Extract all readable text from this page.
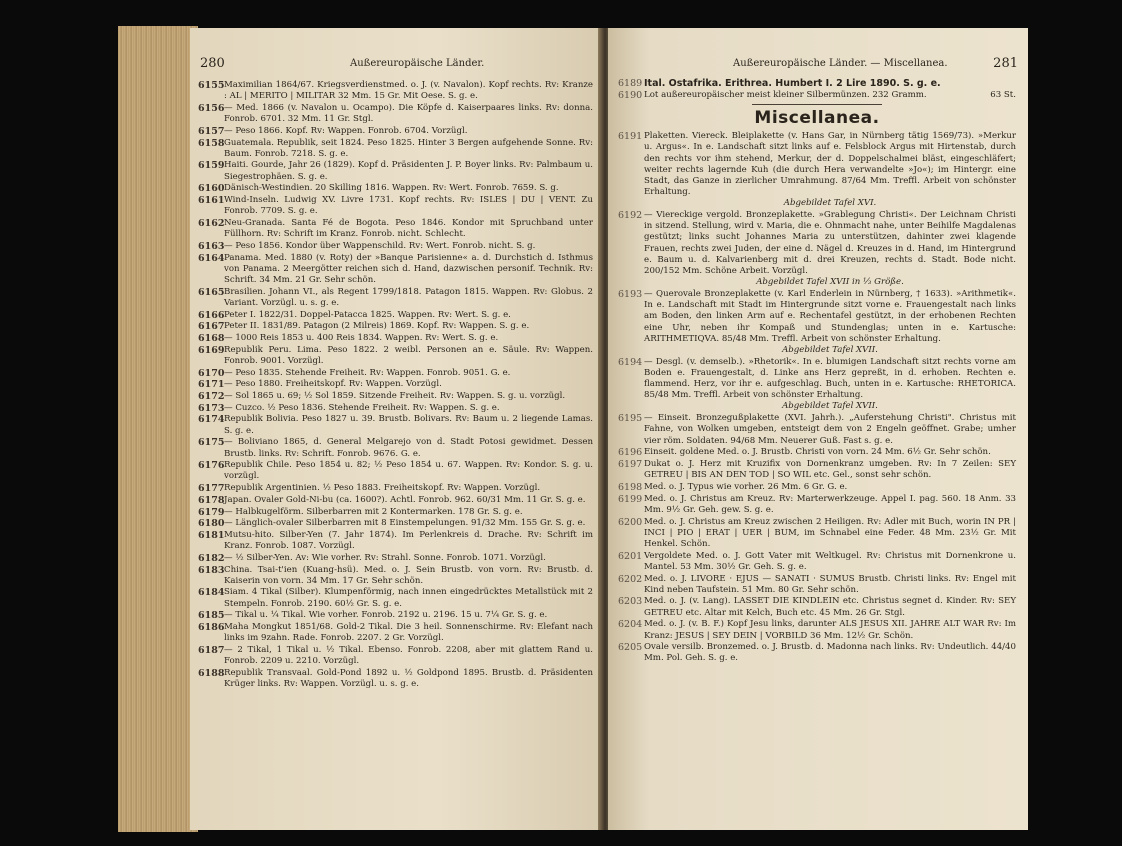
280	Außereuropäische Länder.
6155 Maximilian 1864/67. Kriegsverdienstmed. o. J. (v. Navalon). Kopf rechts. Rv: Kranze : AL | MERITO | MILITAR 32 Mm. 15 Gr. Mit Oese. S. g. e.
6156 — Med. 1866 (v. Navalon u. Ocampo). Die Köpfe d. Kaiserpaares links. Rv: donna. Fonrob. 6701. 32 Mm. 11 Gr. Stgl.
6157 — Peso 1866. Kopf. Rv: Wappen. Fonrob. 6704. Vorzügl.
6158 Guatemala. Republik, seit 1824. Peso 1825. Hinter 3 Bergen aufgehende Sonne. Rv: Baum. Fonrob. 7218. S. g. e.
6159 Haiti. Gourde, Jahr 26 (1829). Kopf d. Präsidenten J. P. Boyer links. Rv: Palmbaum u. Siegestrophäen. S. g. e.
6160 Dänisch-Westindien. 20 Skilling 1816. Wappen. Rv: Wert. Fonrob. 7659. S. g.
6161 Wind-Inseln. Ludwig XV. Livre 1731. Kopf rechts. Rv: ISLES | DU | VENT. Zu Fonrob. 7709. S. g. e.
6162 Neu-Granada. Santa Fé de Bogota. Peso 1846. Kondor mit Spruchband unter Füllhorn. Rv: Schrift im Kranz. Fonrob. nicht. Schlecht.
6163 — Peso 1856. Kondor über Wappenschild. Rv: Wert. Fonrob. nicht. S. g.
6164 Panama. Med. 1880 (v. Roty) der »Banque Parisienne« a. d. Durchstich d. Isthmus von Panama. 2 Meergötter reichen sich d. Hand, dazwischen personif. Technik. Rv: Schrift. 34 Mm. 21 Gr. Sehr schön.
6165 Brasilien. Johann VI., als Regent 1799/1818. Patagon 1815. Wappen. Rv: Globus. 2 Variant. Vorzügl. u. s. g. e.
6166 Peter I. 1822/31. Doppel-Patacca 1825. Wappen. Rv: Wert. S. g. e.
6167 Peter II. 1831/89. Patagon (2 Milreis) 1869. Kopf. Rv: Wappen. S. g. e.
6168 — 1000 Reis 1853 u. 400 Reis 1834. Wappen. Rv: Wert. S. g. e.
6169 Republik Peru. Lima. Peso 1822. 2 weibl. Personen an e. Säule. Rv: Wappen. Fonrob. 9001. Vorzügl.
6170 — Peso 1835. Stehende Freiheit. Rv: Wappen. Fonrob. 9051. G. e.
6171 — Peso 1880. Freiheitskopf. Rv: Wappen. Vorzügl.
6172 — Sol 1865 u. 69; ½ Sol 1859. Sitzende Freiheit. Rv: Wappen. S. g. u. vorzügl.
6173 — Cuzco. ½ Peso 1836. Stehende Freiheit. Rv: Wappen. S. g. e.
6174 Republik Bolivia. Peso 1827 u. 39. Brustb. Bolivars. Rv: Baum u. 2 liegende Lamas. S. g. e.
6175 — Boliviano 1865, d. General Melgarejo von d. Stadt Potosi gewidmet. Dessen Brustb. links. Rv: Schrift. Fonrob. 9676. G. e.
6176 Republik Chile. Peso 1854 u. 82; ½ Peso 1854 u. 67. Wappen. Rv: Kondor. S. g. u. vorzügl.
6177 Republik Argentinien. ½ Peso 1883. Freiheitskopf. Rv: Wappen. Vorzügl.
6178 Japan. Ovaler Gold-Ni-bu (ca. 1600?). Achtl. Fonrob. 962. 60/31 Mm. 11 Gr. S. g. e.
6179 — Halbkugelförm. Silberbarren mit 2 Kontermarken. 178 Gr. S. g. e.
6180 — Länglich-ovaler Silberbarren mit 8 Einstempelungen. 91/32 Mm. 155 Gr. S. g. e.
6181 Mutsu-hito. Silber-Yen (7. Jahr 1874). Im Perlenkreis d. Drache. Rv: Schrift im Kranz. Fonrob. 1087. Vorzügl.
6182 — ½ Silber-Yen. Av: Wie vorher. Rv: Strahl. Sonne. Fonrob. 1071. Vorzügl.
6183 China. Tsai-t'ien (Kuang-hsü). Med. o. J. Sein Brustb. von vorn. Rv: Brustb. d. Kaiserin von vorn. 34 Mm. 17 Gr. Sehr schön.
6184 Siam. 4 Tikal (Silber). Klumpenförmig, nach innen eingedrücktes Metallstück mit 2 Stempeln. Fonrob. 2190. 60½ Gr. S. g. e.
6185 — Tikal u. ¼ Tikal. Wie vorher. Fonrob. 2192 u. 2196. 15 u. 7¼ Gr. S. g. e.
6186 Maha Mongkut 1851/68. Gold-2 Tikal. Die 3 heil. Sonnenschirme. Rv: Elefant nach links im 9zahn. Rade. Fonrob. 2207. 2 Gr. Vorzügl.
6187 — 2 Tikal, 1 Tikal u. ½ Tikal. Ebenso. Fonrob. 2208, aber mit glattem Rand u. Fonrob. 2209 u. 2210. Vorzügl.
6188 Republik Transvaal. Gold-Pond 1892 u. ½ Goldpond 1895. Brustb. d. Präsidenten Krüger links. Rv: Wappen. Vorzügl. u. s. g. e.
Außereuropäische Länder. — Miscellanea.	281
6189 Ital. Ostafrika. Erithrea. Humbert I. 2 Lire 1890. S. g. e.
6190	63 St.
Lot außereuropäischer meist kleiner Silbermünzen. 232 Gramm.
Miscellanea.
6191 Plaketten. Viereck. Bleiplakette (v. Hans Gar, in Nürnberg tätig 1569/73). »Merkur u. Argus«. In e. Landschaft sitzt links auf e. Felsblock Argus mit Hirtenstab, durch den rechts vor ihm stehend, Merkur, der d. Doppelschalmei bläst, eingeschläfert; weiter rechts lagernde Kuh (die durch Hera verwandelte »Jo«); im Hintergr. eine Stadt, das Ganze in zierlicher Umrahmung. 87/64 Mm. Treffl. Arbeit von schönster Erhaltung.
Abgebildet Tafel XVI.
6192 — Viereckige vergold. Bronzeplakette. »Grablegung Christi«. Der Leichnam Christi in sitzend. Stellung, wird v. Maria, die e. Ohnmacht nahe, unter Beihilfe Magdalenas gestützt; links sucht Johannes Maria zu unterstützen, dahinter zwei klagende Frauen, rechts zwei Juden, der eine d. Nägel d. Kreuzes in d. Hand, im Hintergrund e. Baum u. d. Kalvarienberg mit d. drei Kreuzen, rechts d. Stadt. Bode nicht. 200/152 Mm. Schöne Arbeit. Vorzügl.
Abgebildet Tafel XVII in ⅓ Größe.
6193 — Querovale Bronzeplakette (v. Karl Enderlein in Nürnberg, † 1633). »Arithmetik«. In e. Landschaft mit Stadt im Hintergrunde sitzt vorne e. Frauengestalt nach links am Boden, den linken Arm auf e. Rechentafel gestützt, in der erhobenen Rechten eine Uhr, neben ihr Kompaß und Stundenglas; unten in e. Kartusche: ARITHMETIQVA. 85/48 Mm. Treffl. Arbeit von schönster Erhaltung.
Abgebildet Tafel XVII.
6194 — Desgl. (v. demselb.). »Rhetorik«. In e. blumigen Landschaft sitzt rechts vorne am Boden e. Frauengestalt, d. Linke ans Herz gepreßt, in d. erhoben. Rechten e. flammend. Herz, vor ihr e. aufgeschlag. Buch, unten in e. Kartusche: RHETORICA. 85/48 Mm. Treffl. Arbeit von schönster Erhaltung.
Abgebildet Tafel XVII.
6195 — Einseit. Bronzegußplakette (XVI. Jahrh.). „Auferstehung Christi". Christus mit Fahne, von Wolken umgeben, entsteigt dem von 2 Engeln geöffnet. Grabe; umher vier röm. Soldaten. 94/68 Mm. Neuerer Guß. Fast s. g. e.
6196 Einseit. goldene Med. o. J. Brustb. Christi von vorn. 24 Mm. 6½ Gr. Sehr schön.
6197 Dukat o. J. Herz mit Kruzifix von Dornenkranz umgeben. Rv: In 7 Zeilen: SEY GETREU | BIS AN DEN TOD | SO WIL etc. Gel., sonst sehr schön.
6198 Med. o. J. Typus wie vorher. 26 Mm. 6 Gr. G. e.
6199 Med. o. J. Christus am Kreuz. Rv: Marterwerkzeuge. Appel I. pag. 560. 18 Anm. 33 Mm. 9½ Gr. Geh. gew. S. g. e.
6200 Med. o. J. Christus am Kreuz zwischen 2 Heiligen. Rv: Adler mit Buch, worin IN PR | INCI | PIO | ERAT | UER | BUM, im Schnabel eine Feder. 48 Mm. 23½ Gr. Mit Henkel. Schön.
6201 Vergoldete Med. o. J. Gott Vater mit Weltkugel. Rv: Christus mit Dornenkrone u. Mantel. 53 Mm. 30½ Gr. Geh. S. g. e.
6202 Med. o. J. LIVORE · EJUS — SANATI · SUMUS Brustb. Christi links. Rv: Engel mit Kind neben Taufstein. 51 Mm. 80 Gr. Sehr schön.
6203 Med. o. J. (v. Lang). LASSET DIE KINDLEIN etc. Christus segnet d. Kinder. Rv: SEY GETREU etc. Altar mit Kelch, Buch etc. 45 Mm. 26 Gr. Stgl.
6204 Med. o. J. (v. B. F.) Kopf Jesu links, darunter ALS JESUS XII. JAHRE ALT WAR Rv: Im Kranz: JESUS | SEY DEIN | VORBILD 36 Mm. 12½ Gr. Schön.
6205 Ovale versilb. Bronzemed. o. J. Brustb. d. Madonna nach links. Rv: Undeutlich. 44/40 Mm. Pol. Geh. S. g. e.
